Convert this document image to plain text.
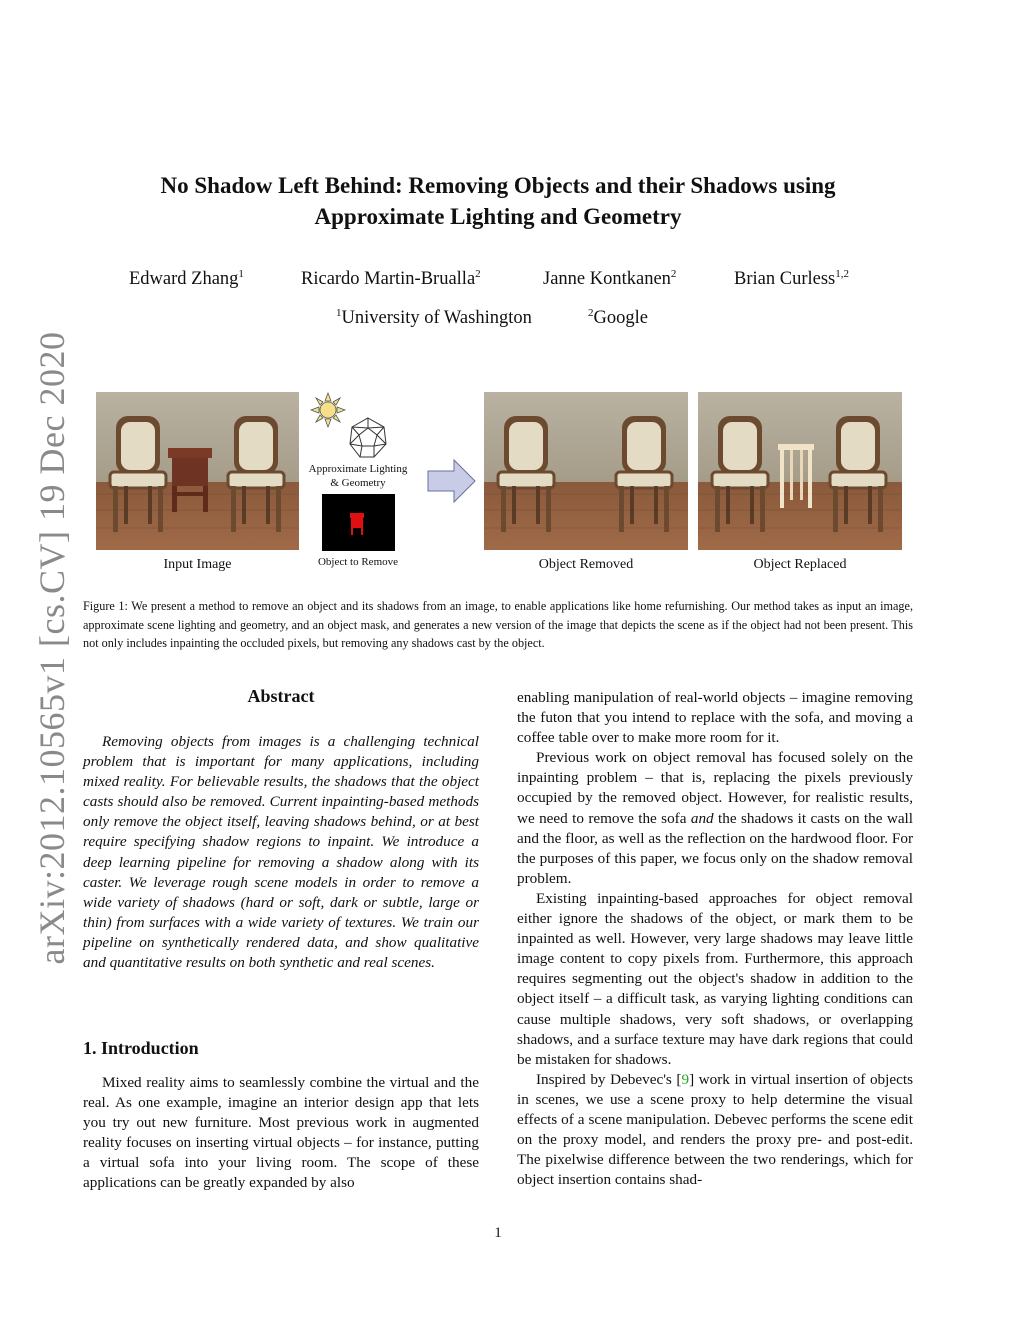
arXiv:2012.10565v1 [cs.CV] 19 Dec 2020
No Shadow Left Behind: Removing Objects and their Shadows using
Approximate Lighting and Geometry
Edward Zhang$^1$	Ricardo Martin-Brualla$^2$	Janne Kontkanen$^2$	Brian Curless$^{1,2}$
$^1$University of Washington	$^2$Google
Approximate Lighting
& Geometry
Input Image	Object to Remove	Object Removed	Object Replaced
Figure 1: We present a method to remove an object and its shadows from an image, to enable applications like home refurnishing. Our method takes as input an image, approximate scene lighting and geometry, and an object mask, and generates a new version of the image that depicts the scene as if the object had not been present. This not only includes inpainting the occluded pixels, but removing any shadows cast by the object.
Abstract

Removing objects from images is a challenging technical problem that is important for many applications, including mixed reality. For believable results, the shadows that the object casts should also be removed. Current inpainting-based methods only remove the object itself, leaving shadows behind, or at best require specifying shadow regions to inpaint. We introduce a deep learning pipeline for removing a shadow along with its caster. We leverage rough scene models in order to remove a wide variety of shadows (hard or soft, dark or subtle, large or thin) from surfaces with a wide variety of textures. We train our pipeline on synthetically rendered data, and show qualitative and quantitative results on both synthetic and real scenes.

1. Introduction

Mixed reality aims to seamlessly combine the virtual and the real. As one example, imagine an interior design app that lets you try out new furniture. Most previous work in augmented reality focuses on inserting virtual objects – for instance, putting a virtual sofa into your living room. The scope of these applications can be greatly expanded by also

enabling manipulation of real-world objects – imagine removing the futon that you intend to replace with the sofa, and moving a coffee table over to make more room for it.

Previous work on object removal has focused solely on the inpainting problem – that is, replacing the pixels previously occupied by the removed object. However, for realistic results, we need to remove the sofa and the shadows it casts on the wall and the floor, as well as the reflection on the hardwood floor. For the purposes of this paper, we focus only on the shadow removal problem.

Existing inpainting-based approaches for object removal either ignore the shadows of the object, or mark them to be inpainted as well. However, very large shadows may leave little image content to copy pixels from. Furthermore, this approach requires segmenting out the object's shadow in addition to the object itself – a difficult task, as varying lighting conditions can cause multiple shadows, very soft shadows, or overlapping shadows, and a surface texture may have dark regions that could be mistaken for shadows.

Inspired by Debevec's [9] work in virtual insertion of objects in scenes, we use a scene proxy to help determine the visual effects of a scene manipulation. Debevec performs the scene edit on the proxy model, and renders the proxy pre- and post-edit. The pixelwise difference between the two renderings, which for object insertion contains shad-

1
